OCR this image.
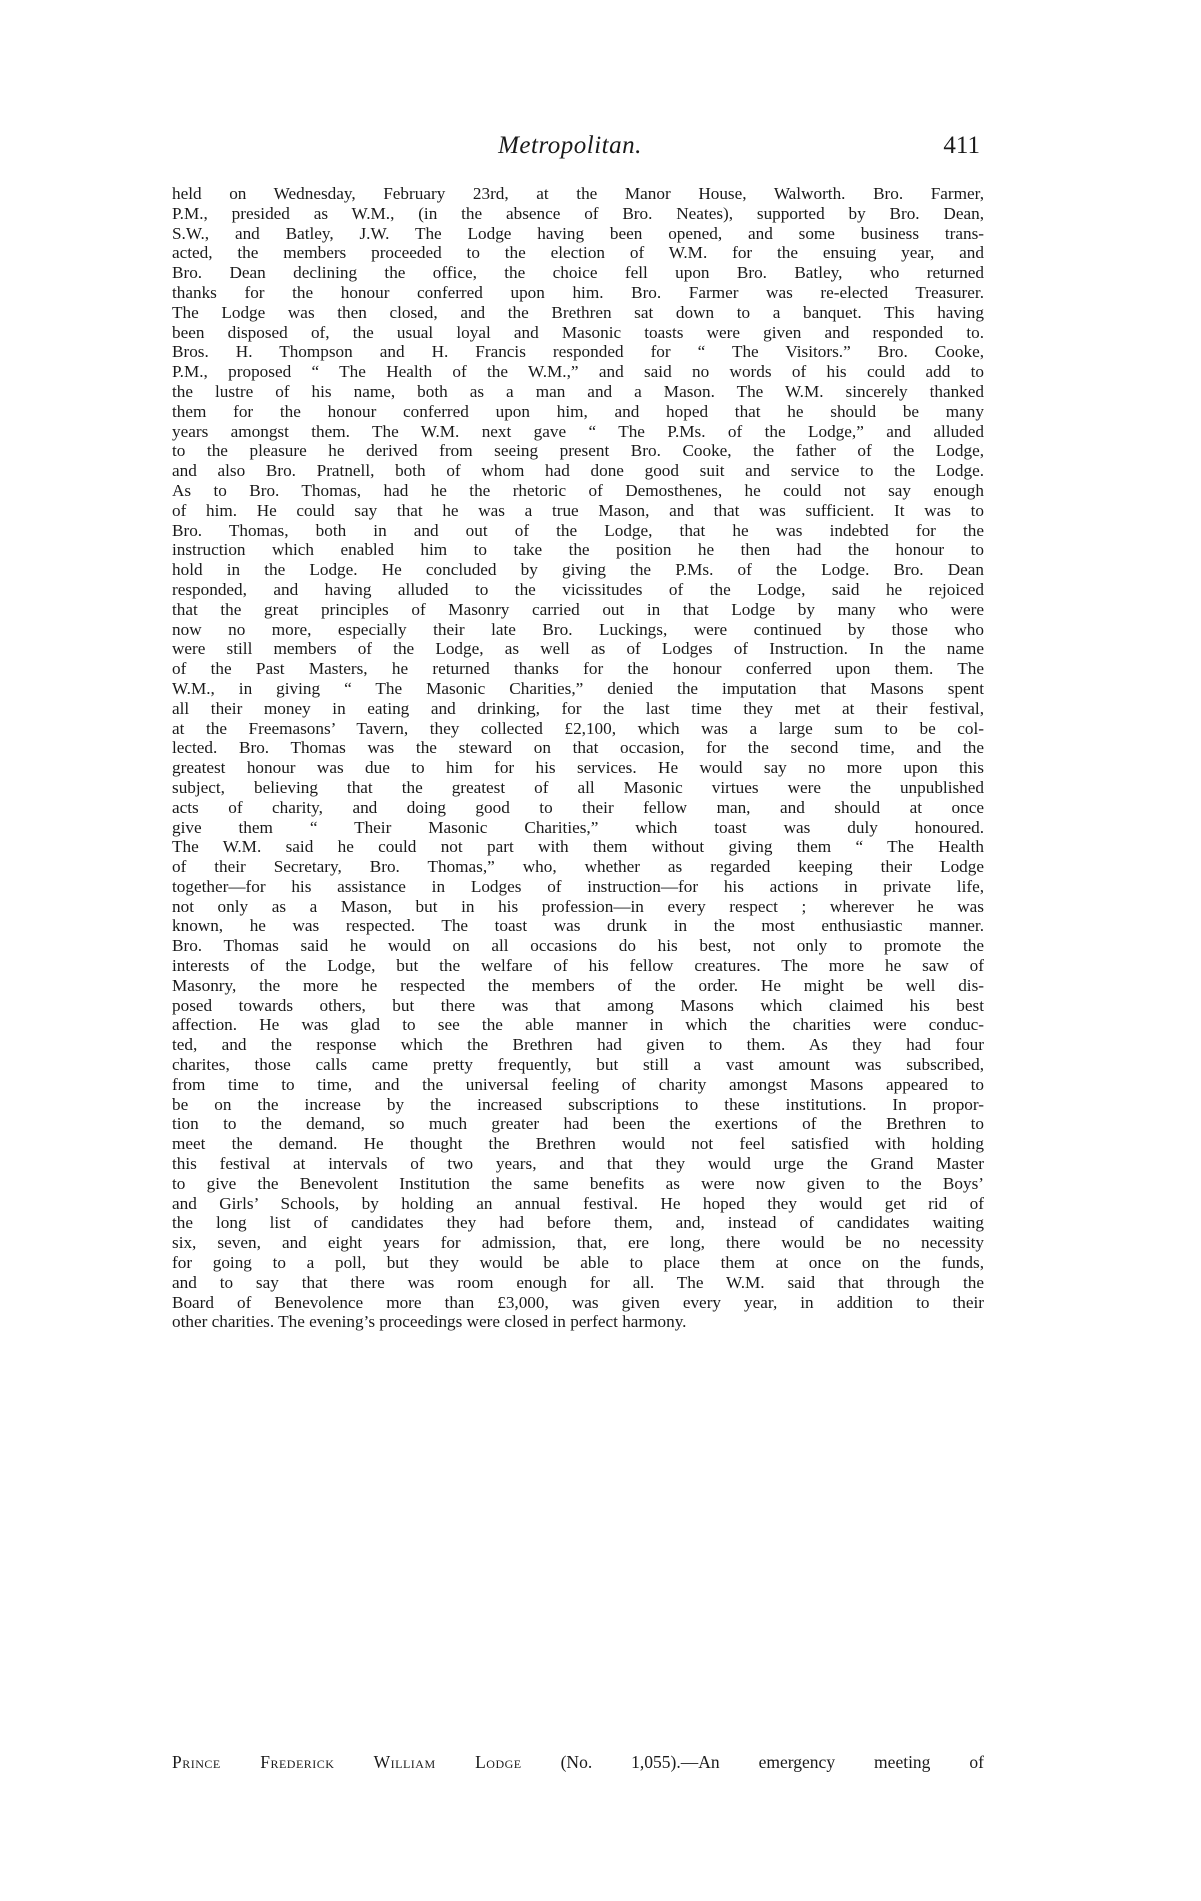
Metropolitan.	411
held on Wednesday, February 23rd, at the Manor House, Walworth. Bro. Farmer,
P.M., presided as W.M., (in the absence of Bro. Neates), supported by Bro. Dean,
S.W., and Batley, J.W. The Lodge having been opened, and some business trans-
acted, the members proceeded to the election of W.M. for the ensuing year, and
Bro. Dean declining the office, the choice fell upon Bro. Batley, who returned
thanks for the honour conferred upon him. Bro. Farmer was re-elected Treasurer.
The Lodge was then closed, and the Brethren sat down to a banquet. This having
been disposed of, the usual loyal and Masonic toasts were given and responded to.
Bros. H. Thompson and H. Francis responded for “ The Visitors.” Bro. Cooke,
P.M., proposed “ The Health of the W.M.,” and said no words of his could add to
the lustre of his name, both as a man and a Mason. The W.M. sincerely thanked
them for the honour conferred upon him, and hoped that he should be many
years amongst them. The W.M. next gave “ The P.Ms. of the Lodge,” and alluded
to the pleasure he derived from seeing present Bro. Cooke, the father of the Lodge,
and also Bro. Pratnell, both of whom had done good suit and service to the Lodge.
As to Bro. Thomas, had he the rhetoric of Demosthenes, he could not say enough
of him. He could say that he was a true Mason, and that was sufficient. It was to
Bro. Thomas, both in and out of the Lodge, that he was indebted for the
instruction which enabled him to take the position he then had the honour to
hold in the Lodge. He concluded by giving the P.Ms. of the Lodge. Bro. Dean
responded, and having alluded to the vicissitudes of the Lodge, said he rejoiced
that the great principles of Masonry carried out in that Lodge by many who were
now no more, especially their late Bro. Luckings, were continued by those who
were still members of the Lodge, as well as of Lodges of Instruction. In the name
of the Past Masters, he returned thanks for the honour conferred upon them. The
W.M., in giving “ The Masonic Charities,” denied the imputation that Masons spent
all their money in eating and drinking, for the last time they met at their festival,
at the Freemasons’ Tavern, they collected £2,100, which was a large sum to be col-
lected. Bro. Thomas was the steward on that occasion, for the second time, and the
greatest honour was due to him for his services. He would say no more upon this
subject, believing that the greatest of all Masonic virtues were the unpublished
acts of charity, and doing good to their fellow man, and should at once
give them “ Their Masonic Charities,” which toast was duly honoured.
The W.M. said he could not part with them without giving them “ The Health
of their Secretary, Bro. Thomas,” who, whether as regarded keeping their Lodge
together—for his assistance in Lodges of instruction—for his actions in private life,
not only as a Mason, but in his profession—in every respect ; wherever he was
known, he was respected. The toast was drunk in the most enthusiastic manner.
Bro. Thomas said he would on all occasions do his best, not only to promote the
interests of the Lodge, but the welfare of his fellow creatures. The more he saw of
Masonry, the more he respected the members of the order. He might be well dis-
posed towards others, but there was that among Masons which claimed his best
affection. He was glad to see the able manner in which the charities were conduc-
ted, and the response which the Brethren had given to them. As they had four
charites, those calls came pretty frequently, but still a vast amount was subscribed,
from time to time, and the universal feeling of charity amongst Masons appeared to
be on the increase by the increased subscriptions to these institutions. In propor-
tion to the demand, so much greater had been the exertions of the Brethren to
meet the demand. He thought the Brethren would not feel satisfied with holding
this festival at intervals of two years, and that they would urge the Grand Master
to give the Benevolent Institution the same benefits as were now given to the Boys’
and Girls’ Schools, by holding an annual festival. He hoped they would get rid of
the long list of candidates they had before them, and, instead of candidates waiting
six, seven, and eight years for admission, that, ere long, there would be no necessity
for going to a poll, but they would be able to place them at once on the funds,
and to say that there was room enough for all. The W.M. said that through the
Board of Benevolence more than £3,000, was given every year, in addition to their
other charities. The evening’s proceedings were closed in perfect harmony.
Prince Frederick William Lodge (No. 1,055).—An emergency meeting of
